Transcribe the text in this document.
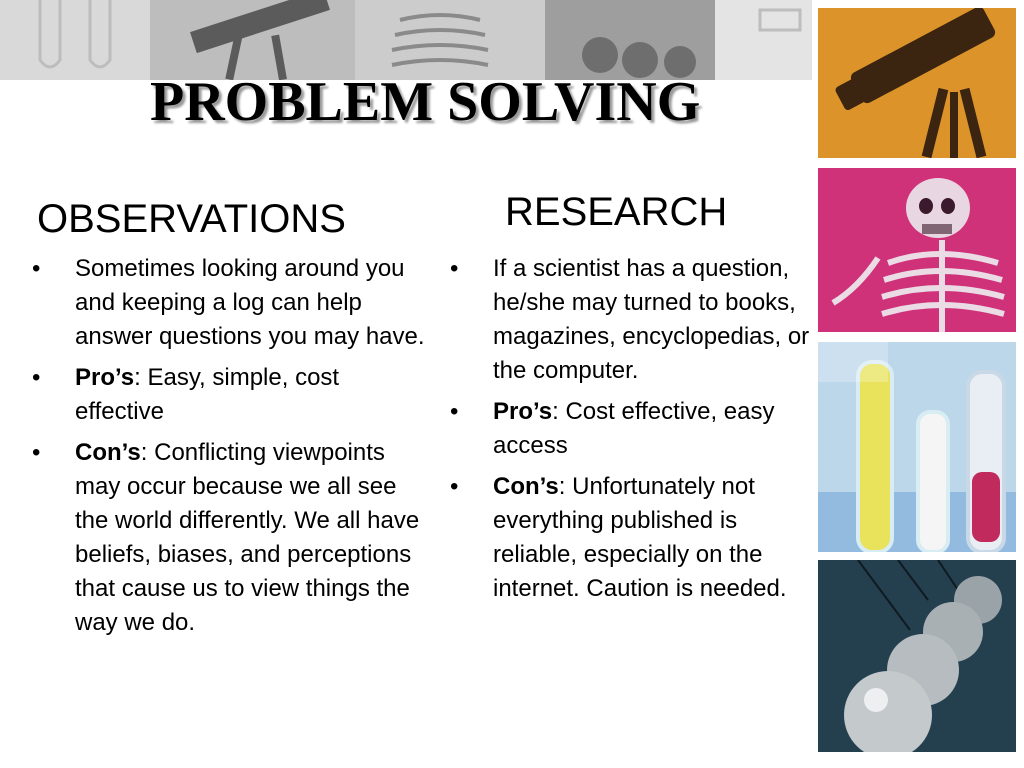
PROBLEM SOLVING
OBSERVATIONS	RESEARCH
• Sometimes looking around you and keeping a log can help answer questions you may have.
• Pro’s: Easy, simple, cost effective
• Con’s: Conflicting viewpoints may occur because we all see the world differently. We all have beliefs, biases, and perceptions that cause us to view things the way we do.
• If a scientist has a question, he/she may turned to books, magazines, encyclopedias, or the computer.
• Pro’s: Cost effective, easy access
• Con’s: Unfortunately not everything published is reliable, especially on the internet. Caution is needed.
